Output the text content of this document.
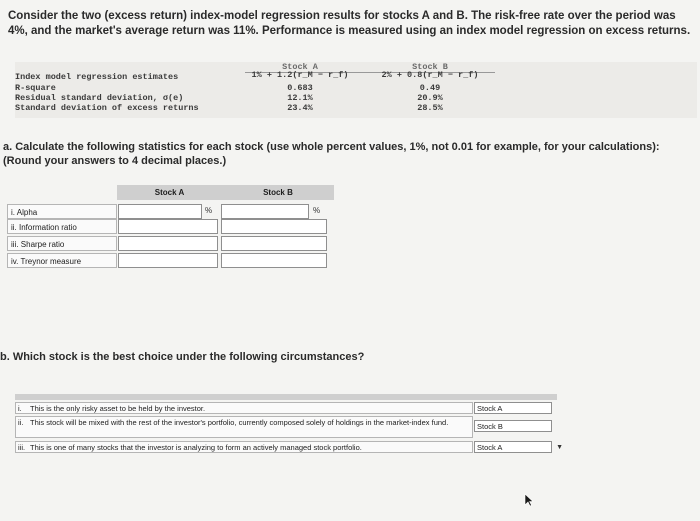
Consider the two (excess return) index-model regression results for stocks A and B. The risk-free rate over the period was 4%, and the market's average return was 11%. Performance is measured using an index model regression on excess returns.
Stock A	Stock B
Index model regression estimates	1% + 1.2(r_M − r_f)	2% + 0.8(r_M − r_f)
R-square	0.683	0.49
Residual standard deviation, σ(e)	12.1%	20.9%
Standard deviation of excess returns	23.4%	28.5%
a. Calculate the following statistics for each stock (use whole percent values, 1%, not 0.01 for example, for your calculations): (Round your answers to 4 decimal places.)
Stock A	Stock B
i. Alpha	%	%
ii. Information ratio
iii. Sharpe ratio
iv. Treynor measure
b. Which stock is the best choice under the following circumstances?
i. This is the only risky asset to be held by the investor.	Stock A
ii. This stock will be mixed with the rest of the investor's portfolio, currently composed solely of holdings in the market-index fund.	Stock B
iii. This is one of many stocks that the investor is analyzing to form an actively managed stock portfolio.	Stock A	▼
